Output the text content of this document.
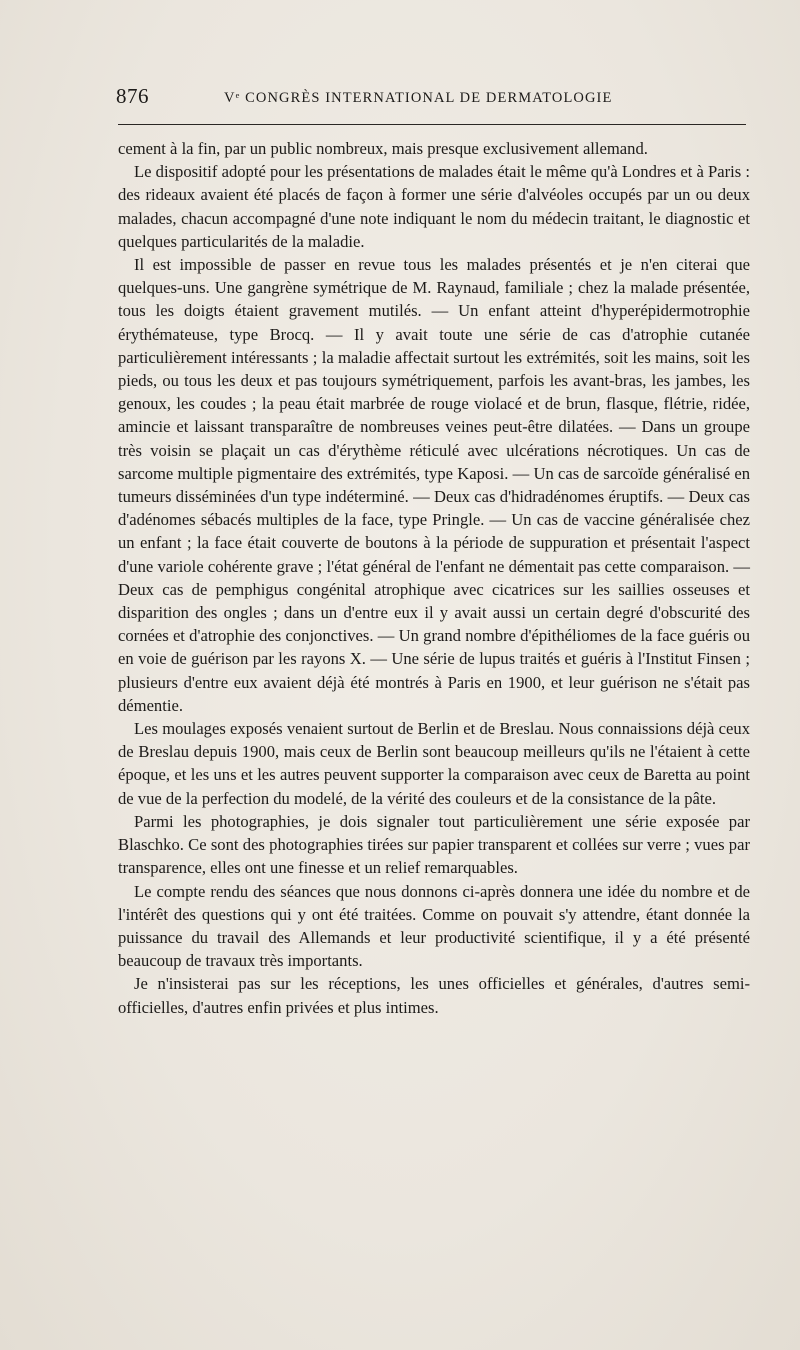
876	Vᵉ CONGRÈS INTERNATIONAL DE DERMATOLOGIE

cement à la fin, par un public nombreux, mais presque exclusivement allemand.

Le dispositif adopté pour les présentations de malades était le même qu'à Londres et à Paris : des rideaux avaient été placés de façon à former une série d'alvéoles occupés par un ou deux malades, chacun accompagné d'une note indiquant le nom du médecin traitant, le diagnostic et quelques particularités de la maladie.

Il est impossible de passer en revue tous les malades présentés et je n'en citerai que quelques-uns. Une gangrène symétrique de M. Raynaud, familiale ; chez la malade présentée, tous les doigts étaient gravement mutilés. — Un enfant atteint d'hyperépidermotrophie érythémateuse, type Brocq. — Il y avait toute une série de cas d'atrophie cutanée particulièrement intéressants ; la maladie affectait surtout les extrémités, soit les mains, soit les pieds, ou tous les deux et pas toujours symétriquement, parfois les avant-bras, les jambes, les genoux, les coudes ; la peau était marbrée de rouge violacé et de brun, flasque, flétrie, ridée, amincie et laissant transparaître de nombreuses veines peut-être dilatées. — Dans un groupe très voisin se plaçait un cas d'érythème réticulé avec ulcérations nécrotiques. Un cas de sarcome multiple pigmentaire des extrémités, type Kaposi. — Un cas de sarcoïde généralisé en tumeurs disséminées d'un type indéterminé. — Deux cas d'hidradénomes éruptifs. — Deux cas d'adénomes sébacés multiples de la face, type Pringle. — Un cas de vaccine généralisée chez un enfant ; la face était couverte de boutons à la période de suppuration et présentait l'aspect d'une variole cohérente grave ; l'état général de l'enfant ne démentait pas cette comparaison. — Deux cas de pemphigus congénital atrophique avec cicatrices sur les saillies osseuses et disparition des ongles ; dans un d'entre eux il y avait aussi un certain degré d'obscurité des cornées et d'atrophie des conjonctives. — Un grand nombre d'épithéliomes de la face guéris ou en voie de guérison par les rayons X. — Une série de lupus traités et guéris à l'Institut Finsen ; plusieurs d'entre eux avaient déjà été montrés à Paris en 1900, et leur guérison ne s'était pas démentie.

Les moulages exposés venaient surtout de Berlin et de Breslau. Nous connaissions déjà ceux de Breslau depuis 1900, mais ceux de Berlin sont beaucoup meilleurs qu'ils ne l'étaient à cette époque, et les uns et les autres peuvent supporter la comparaison avec ceux de Baretta au point de vue de la perfection du modelé, de la vérité des couleurs et de la consistance de la pâte.

Parmi les photographies, je dois signaler tout particulièrement une série exposée par Blaschko. Ce sont des photographies tirées sur papier transparent et collées sur verre ; vues par transparence, elles ont une finesse et un relief remarquables.

Le compte rendu des séances que nous donnons ci-après donnera une idée du nombre et de l'intérêt des questions qui y ont été traitées. Comme on pouvait s'y attendre, étant donnée la puissance du travail des Allemands et leur productivité scientifique, il y a été présenté beaucoup de travaux très importants.

Je n'insisterai pas sur les réceptions, les unes officielles et générales, d'autres semi-officielles, d'autres enfin privées et plus intimes.
